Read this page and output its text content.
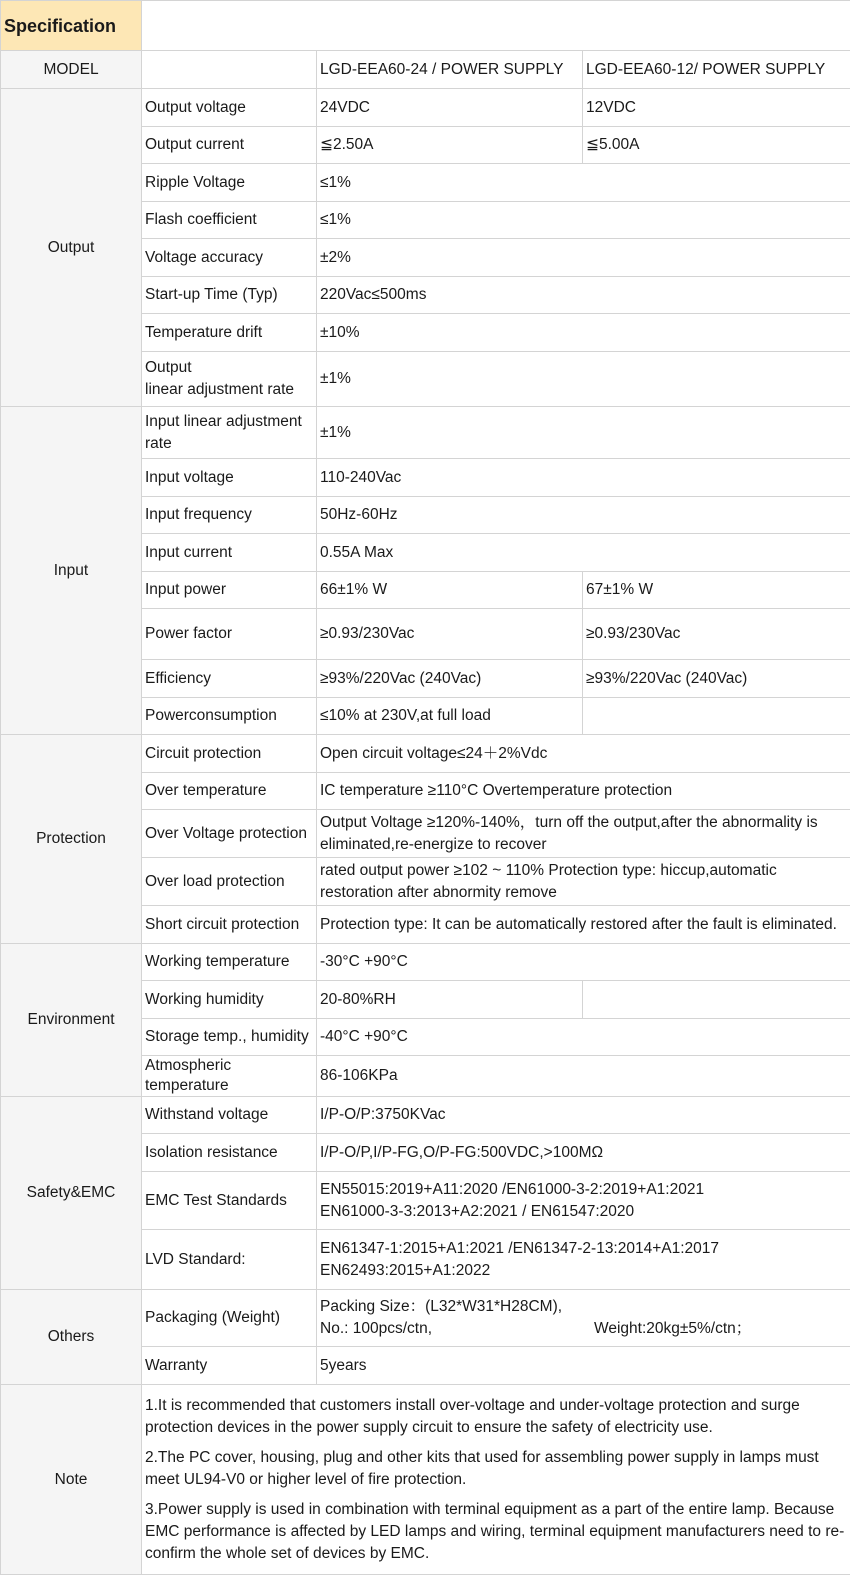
Specification			
MODEL		LGD-EEA60-24 / POWER SUPPLY	LGD-EEA60-12/ POWER SUPPLY
Output	Output voltage	24VDC	12VDC
	Output current	≦2.50A	≦5.00A
	Ripple Voltage	≤1%	
	Flash coefficient	≤1%	
	Voltage accuracy	±2%	
	Start-up Time (Typ)	220Vac≤500ms	
	Temperature drift	±10%	
	Output
linear adjustment rate	±1%	
Input	Input linear adjustment rate	±1%	
	Input voltage	110-240Vac	
	Input frequency	50Hz-60Hz	
	Input current	0.55A Max	
	Input power	66±1% W	67±1% W
	Power factor	≥0.93/230Vac	≥0.93/230Vac
	Efficiency	≥93%/220Vac (240Vac)	≥93%/220Vac (240Vac)
	Powerconsumption	≤10% at 230V,at full load	
Protection	Circuit protection	Open circuit voltage≤24＋2%Vdc	
	Over temperature	IC temperature ≥110°C Overtemperature protection	
	Over Voltage protection	Output Voltage ≥120%-140%，turn off the output,after the abnormality is eliminated,re-energize to recover	
	Over load protection	rated output power ≥102 ~ 110% Protection type: hiccup,automatic restoration after abnormity remove	
	Short circuit protection	Protection type: It can be automatically restored after the fault is eliminated.	
Environment	Working temperature	-30°C +90°C	
	Working humidity	20-80%RH	
	Storage temp., humidity	-40°C +90°C	
	Atmospheric temperature	86-106KPa	
Safety&EMC	Withstand voltage	I/P-O/P:3750KVac	
	Isolation resistance	I/P-O/P,I/P-FG,O/P-FG:500VDC,>100MΩ	
	EMC Test Standards	EN55015:2019+A11:2020 /EN61000-3-2:2019+A1:2021
EN61000-3-3:2013+A2:2021 / EN61547:2020	
	LVD Standard:	EN61347-1:2015+A1:2021 /EN61347-2-13:2014+A1:2017
EN62493:2015+A1:2022	
Others	Packaging (Weight)	Packing Size：(L32*W31*H28CM),
No.: 100pcs/ctn, Weight:20kg±5%/ctn；	
	Warranty	5years	
Note	1.It is recommended that customers install over-voltage and under-voltage protection and surge protection devices in the power supply circuit to ensure the safety of electricity use.

2.The PC cover, housing, plug and other kits that used for assembling power supply in lamps must meet UL94-V0 or higher level of fire protection.

3.Power supply is used in combination with terminal equipment as a part of the entire lamp. Because EMC performance is affected by LED lamps and wiring, terminal equipment manufacturers need to re-confirm the whole set of devices by EMC.		
